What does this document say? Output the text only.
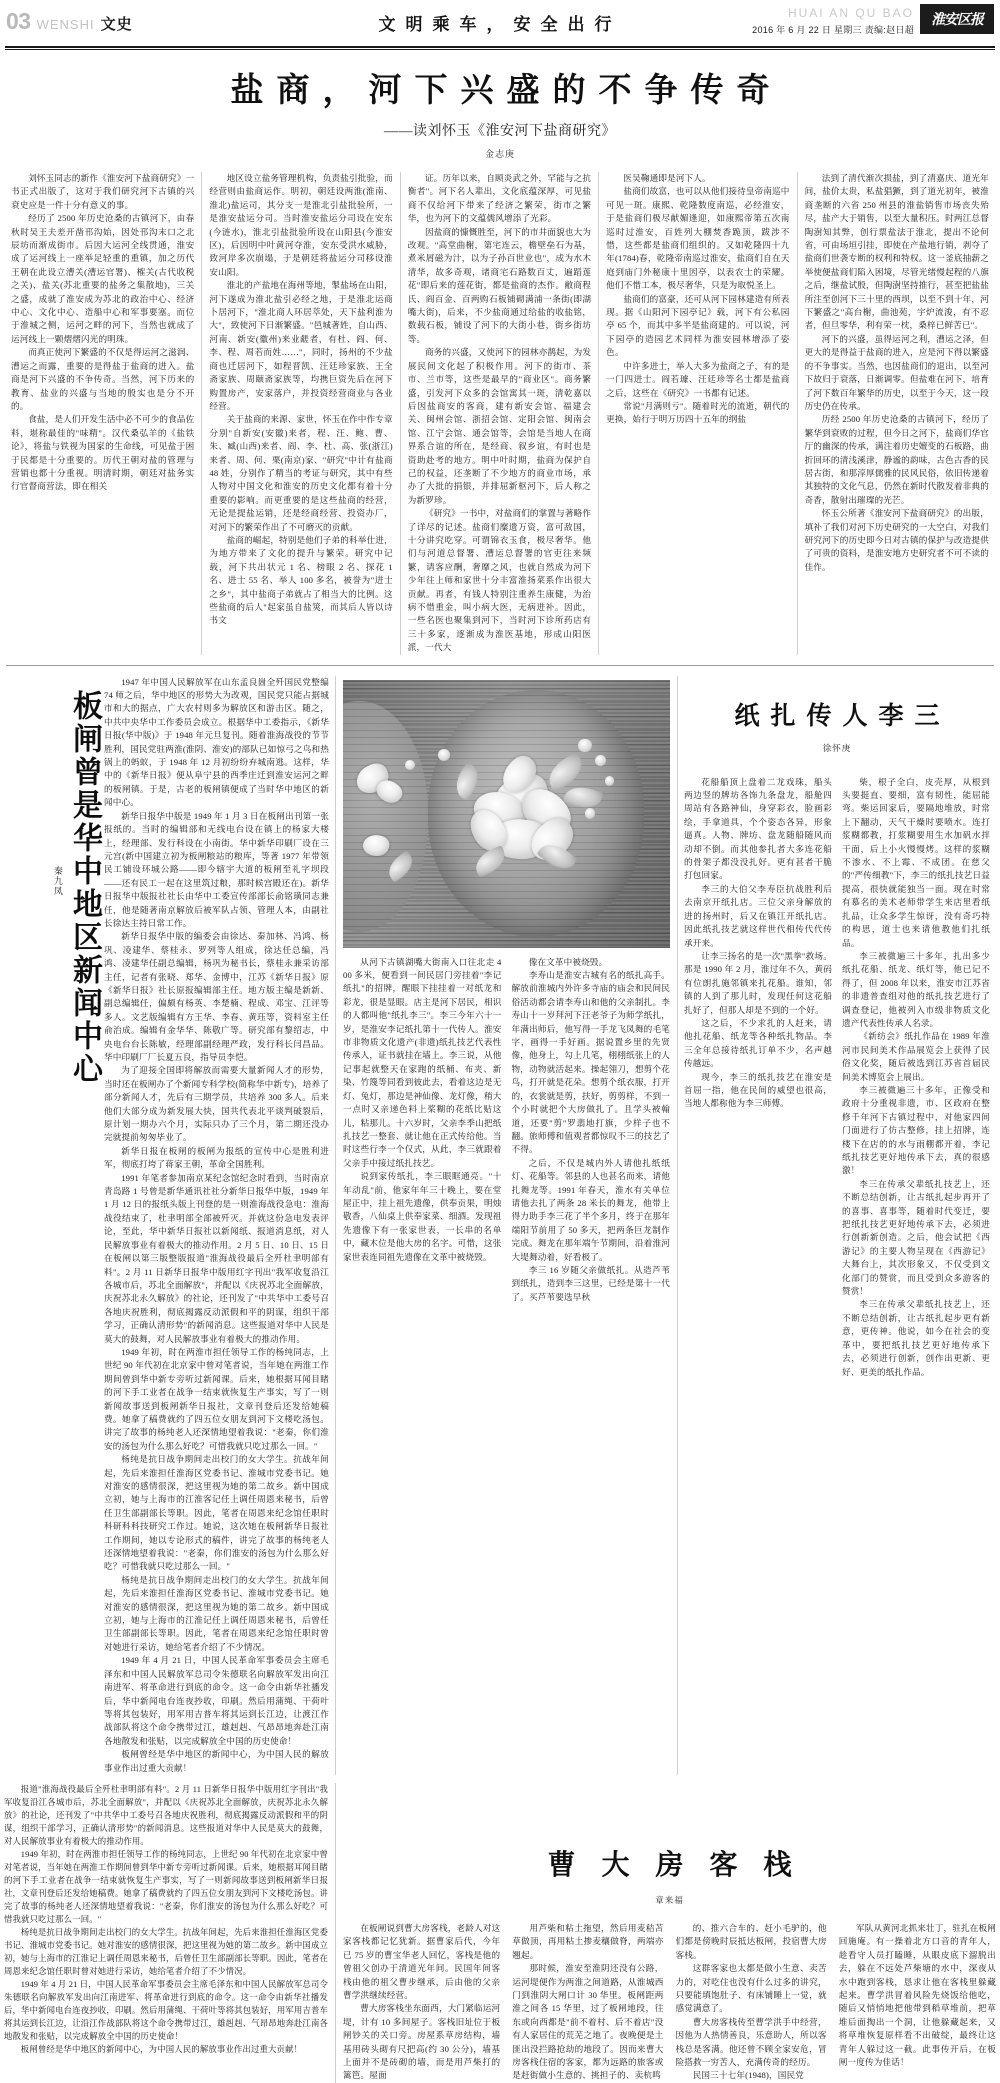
03 WENSHI 文史	文明乘车，安全出行
HUAI AN QU BAO
2016 年 6 月 22 日 星期三 责编:赵日超
淮安区报
盐商，河下兴盛的不争传奇
——读刘怀玉《淮安河下盐商研究》
金志庚

刘怀玉同志的新作《淮安河下盐商研究》一书正式出版了，这对于我们研究河下古镇的兴衰史应是一件十分有意义的事。

经历了 2500 年历史沧桑的古镇河下，由春秋时吴王夫差开凿邗沟始，因处邗沟末口之北辰坊而渐成街市。后因大运河全线贯通，淮安成了运河线上一座举足轻重的重镇，加之历代王朝在此设立漕关(漕运官署)、榷关(古代收税之关)、盐关(苏北重要的盐务之集散地)，三关之盛，成就了淮安成为苏北的政治中心、经济中心、文化中心、造船中心和军事要塞。而位于淮城之侧，运河之畔的河下，当然也就成了运河线上一颗熠熠闪光的明珠。

而真正使河下繁盛的不仅是得运河之滋润、漕运之而露，重要的是得盐于盐商的进入。盐商是河下兴盛的不争传奇。当然，河下历来的教育、盐业的兴盛与当地的殷实也是分不开的。

食盐，是人们开发生活中必不可少的食品佐料，堪称最佳的"味精"。汉代桑弘羊的《盐铁论》，将盐与铁视为国家的生命线，可见盐于困于民都是十分重要的。历代王朝对盐的管理与营销也都十分重视。明清时期，朝廷对盐务实行官督商营法，即在相关

地区设立盐务管理机构，负责盐引批验，而经营则由盐商运作。明初，朝廷设两淮(淮南、淮北)盐运司，其分支一是淮北引盐批验所，一是淮安盐运分司。当时淮安盐运分司设在安东(今涟水)，淮北引盐批验所设在山阳县(今淮安区)，后因明中叶黄河夺淮，安东受洪水威胁，致河岸多次崩塌，于是朝廷将盐运分司移设淮安山阳。

淮北的产盐地在海州等地，掣盐场在山阳，河下遂成为淮北盐引必经之地，于是淮北运商卜居河下，"淮北商人环居萃处，天下盐利淮为大"，致使河下日渐繁盛。"邑城著姓，自山西、河南、新安(徽州)来业鹾者，有杜、阎、何、李、程、周若而姓……"，同时，扬州的不少盐商也迁居河下，如程晋凯、汪廷珍家族、王全斋家族、周颐斋家族等，均携巨资先后在河下购置房产，安家落户，并投资经营商业与各业经营。

关于盐商的来源、家世，怀玉在作中作专章分别"自新安(安徽)来者，程、汪、鲍、曹、朱、臧(山西)来者、阎、李、杜、高、张(浙江)来者、周、何、栗(南京)家、"研究"中计有盐商 48 姓，分别作了精当的考证与研究，其中有些人物对中国文化和淮安的历史文化都有着十分重要的影响。而更重要的是这些盐商的经营，无论是提盐运销，还是经商经营、投资办厂，对河下的繁荣作出了不可磨灭的贡献。

盐商的崛起，特别是他们子弟的科举仕进，为地方带来了文化的提升与繁荣。研究中记载，河下共出状元 1 名、榜眼 2 名、探花 1 名、进士 55 名、举人 100 多名，被誉为"进士之乡"，其中盐商子弟就占了相当大的比例。这些盐商的后人"起家虽自盐筴，而其后人皆以诗书文

证。历年以来，自顾炎武之外，罕能与之抗衡者"。河下名人辈出，文化底蕴深厚，可见盐商不仅给河下带来了经济之繁荣，街市之繁华，也为河下的文蕴儒风增添了光彩。

因盐商的慷慨胜至，河下的市井面貌也大为改观。"高堂曲榭，第宅连云，檐壁垒石为基，煮米屑磁为汁，以为子孙百世业也"，成为水木清华，故多奇观，诸商宅石路数百丈，遍蹈莲花"即后来的莲花街，都是盐商的杰作。敝商程氏、阎百金、百两购石板铺砌满浦一条街(即湖嘴大街)，后来，不少盐商通过给盐的收盐铭，数载石板，铺设了河下的大街小巷，街乡街坊等。

商务的兴盛，又使河下的园林亦鹊起，为发展民间文化起了积极作用。河下的街市、茶市、兰市等，这些是最早的"商业区"。商务繁盛，引发河下众多的会馆寓其一斑，清乾嘉以后因盐商安的客商，建有新安会馆、福建会关、闽州会馆、浙招会馆、定阳会馆、闽南会馆、江宁会馆、通会馆等，会馆是当地人在商界系合谊的所在，是经商、叙乡谊，有时也是资助赴考的地方。明中叶时期，盐商为保护自己的权益，还垄断了不少地方的商业市场，承办了大批的捐银，并排屈新枢河下，后人称之为新罗珍。

《研究》一书中，对盐商们的掌置与著略作了详尽的记述。盐商们糜遗万资，富可敌国，十分讲究吃穿。可谓锦衣玉食，极尽奢华。他们与河道总督署、漕运总督署的官吏往来频繁，请客应酬，奢靡之风，也就自然成为河下少年往上师和家世十分丰富淮扬菜系作出很大贡献。再者，有钱人特别注重养生康健，为治病不惜重金，叫小病大医，无病进补。因此，一些名医也聚集到河下，当时河下诊所药店有三十多家，逐渐成为淮医基地，形成山阳医派，一代大

医吴鞠通即是河下人。

盐商们故富，也可以从他们接待皇帝南巡中可见一斑。康熙、乾隆数度南巡，必经淮安，于是盐商们极尽献媚逢迎，如康熙帝第五次南巡时过淮安，百姓列大棚焚香跪顶，跋涉不惜，这些都是盐商们组织的。又如乾隆四十九年(1784)春，乾隆帝南巡过淮安，盐商们自在天庭到庙门外秘康十里因亭，以表农士的荣耀。他们不惜工本，极尽奢华，只是为取悦圣上。

盐商们的富豪，还可从河下园林建造有所表现。据《山阳河下园亭记》载，河下有公私园亭 65 个，而其中多半是盐商建的。可以说，河下园亭的造园艺术同样为淮安园林增添了姿色。

中许多进士，举人大多为盐商之子，有的是一门四进士。阎若璩、汪廷珍等名士都是盐商之后，这些在《研究》一书都有记述。

常说"月满则亏"。随着时光的流逝，朝代的更换，始行于明万历四十五年的纲盐

法到了清代渐次损盐，到了清嘉庆、道光年间，盐价太贵，私盐猖獗，到了道光初年，被淮商垄断的六省 250 州县的淮盐销售市场丧失殆尽，盐产大于销售，以至大量积压。时两江总督陶澍知其弊，创行票盐法于淮北，提出不论何省，可由场垣引挂，即使在产盐地行销，剥夺了盐商们世袭专断的权利和特权。这一釜底抽薪之举使便盐商们陷入困境，尽管光绪慢起程的八旗之后，继盐试殷，但陶澍坚持推行，甚至把盐盐所注至创河下三十里的西坝，以至不到十年，河下繁盛之"高台榭，曲池苑，宇炉流浚，有不忍者，但旦零华，利有荣一枕，桑梓已鲜苦已"。

河下的兴盛，虽得运河之利，漕运之泽，但更大的是得益于盐商的进入，应是河下得以繁盛的不争事实。当然，也因盐商们的退出，以至河下故归于衰落，日渐调零。但盐难在河下，培育了河下数百年繁华的历史，以至于今天，这一段历史仍在传承。

历经 2500 年历史沧桑的古镇河下，经历了繁华到衰败的过程，但今日之河下，盐商们华官厅的幽深的传承，满注着历史嬗变的石板路，曲折回环的清浅溪津，静谧的韵味，古色古香的民居古街，和那淳厚儒雅的民风民俗，依旧传递着其独特的文化气息，仍然在新时代散发着非典的奇香，散射出璀璨的光芒。

怀玉公所著《淮安河下盐商研究》的出版，填补了我们对河下历史研究的一大空白，对我们研究河下的历史即今日对古镇的保护与改造提供了可贵的资料，是淮安地方史研究者不可不读的佳作。

板闸曾是华中地区新闻中心
秦九凤

1947 年中国人民解放军在山东孟良崮全歼国民党整编 74 师之后，华中地区的形势大为改观，国民党只能占据城市和大的据点，广大农村则多为解放区和游击区。随之，中共中央华中工作委员会成立。根据华中工委指示，《新华日报(华中版)》于 1948 年元旦复刊。随着淮海战役的节节胜利，国民党驻两淮(淮阴、淮安)的部队已如惊弓之鸟和热锅上的蚂蚁，于 1948 年 12 月初纷纷弃城南逃。这样，华中的《新华日报》便从阜宁县的西季庄迁到淮安运河之畔的板闸镇。于是，古老的板闸镇便成了当时华中地区的新闻中心。

新华日报华中版是 1949 年 1 月 3 日在板闸出刊第一张报纸的。当时的编辑部和无线电台设在镇上的杨家大楼上，经理部、发行科设在小南街。华中新华印刷厂设在三元宫(新中国建立初为板闸粮站的粮库，等著 1977 年带领民工铺设环城公路——即今辖宇大道的板闸至礼字坝段——还有民工一起在这里筑过粮，那时候宫殿还在)。新华日报华中版报社社长由华中工委宣传部部长俞铭璜同志兼任，他是随著南京解放后被军队占领、管理人本，由副社长徐达主持日常工作。

新华日报华中版的编委会由徐达、秦加林、冯鸿、杨巩、凌建华、蔡桂永、罗列等人组成，徐达任总编，冯鸿、凌建华任副总编辑，杨巩为秘书长，蔡桂永兼采访部主任，记者有张晓、郑华、金博中，江苏《新华日报》原《新华日报》社长原报编辑部主任。地方版主编是新新、副总编辑任，偏颇有杨英、李楚楠、程成、邓宝、江评等多人。文艺版编辑有方王华、李春、黄珏等，资料室主任俞治成。编辑有金华华、陈敬广等。研究部有黎绍志，中央电台台长陈敏，经理部副经理严政，发行科长闫昌品。华中印刷厂厂长夏五良，指导员李恺。

为了迎接全国即将解放而需要大量新闻人才的形势，当时还在板闸办了个新闻专科学校(简称华中新专)，培养了部分新闻人才，先后有三期学员，共培养 300 多人。后来他们大部分成为新发展大快，国共代表北平谈判破裂后，原计划一期办六个月，实际只办了三个月，第二期还没办完就提前匆匆毕业了。

新华日报在板闸的板闸为报纸的宣传中心是胜利进军，彻底打垮了蒋家王朝，革命全国胜利。

1991 年笔者参加南京某纪念馆纪念时看到，当时南京青岛路 1 号曾是新华通讯社社分新华日报华中版，1949 年 1 月 12 日的报纸头版上刊登的是一则淮海战役急电：淮海战役结束了，杜聿明部全部被歼灭。并就这份急电发表评论，至此，华中新华日报社以新闻纸、报道消息纸，对人民解放事业有着极大的推动作用。2 月 5 日、10 日、15 日在板闸以第三版整版报道"淮海战役最后全歼杜聿明部有料"。2 月 11 日新华日报华中版用红字刊出"我军收复沿江各城市后，苏北全面解放"，并配以《庆祝苏北全面解放，庆祝苏北永久解放》的社论，还刊发了"中共华中工委号召各地庆祝胜利，彻底揭露反动派假和平的阴谋，组织干部学习，正确认清形势"的新闻消息。这些报道对华中人民是莫大的鼓舞，对人民解放事业有着极大的推动作用。

1949 年初，时在两淮市担任领导工作的杨纯同志，上世纪 90 年代初在北京家中曾对笔者说，当年她在两淮工作期间曾到华中新专旁听过新闻课。后来，她根据耳闻目睹的河下手工业者在战争一结束就恢复生产事实，写了一则新闻故事送到板闸新华日报社，文章刊登后还发给她稿费。她拿了稿费就约了四五位女朋友到河下文楼吃汤包。讲完了故事的杨纯老人还深情地望着我说："老秦，你们淮安的汤包为什么那么好吃？可惜我就只吃过那么一回。"

杨纯是抗日战争期间走出校门的女大学生。抗战年间起，先后来淮担任淮海区党委书记、淮城市党委书记。她对淮安的感情很深，把这里视为她的第二故乡。新中国成立初，她与上海市的江淮客记任上调任周恩来秘书，后曾任卫生部副部长等职。因此，笔者在周恩来纪念馆任职时科研科科技研究工作过。她说，这次她在板闸新华日报社工作期间，她以专论形式的稿件，讲完了故事的杨纯老人还深情地望着我说："老秦，你们淮安的汤包为什么那么好吃？可惜我就只吃过那么一回。"

杨纯是抗日战争期间走出校门的女大学生。抗战年间起，先后来淮担任淮海区党委书记、淮城市党委书记。她对淮安的感情很深，把这里视为她的第二故乡。新中国成立初，她与上海市的江淮记任上调任周恩来秘书，后曾任卫生部副部长等职。因此，笔者在周恩来纪念馆任职时曾对她进行采访，她给笔者介绍了不少情况。

1949 年 4 月 21 日，中国人民革命军事委员会主席毛泽东和中国人民解放军总司令朱德联名向解放军发出向江南进军、将革命进行到底的命令。这一命令由新华社播发后，华中新闻电台连夜抄收，印刷。然后用蒲绳、干荷叶等将其包装好，用军用吉普车将其运到长江边，让渡江作战部队将这个命令携带过江，雄赳赳、气昂昂地奔赴江南各地散发和张贴，以完成解放全中国的历史使命！

板闸曾经是华中地区的新闻中心，为中国人民的解放事业作出过重大贡献！

从河下古镇湖嘴大街南入口往北走 400 多米，便看到一间民居门旁挂着"李记纸扎"的招牌，醒眼下挂挂着一对纸龙和彩龙，很是显眼。店主是河下居民，相识的人都叫他"纸扎李三"。李三今年六十一岁，是淮安李记纸扎第十一代传人。淮安市非物质文化遗产(非遗)纸扎技艺代表性传承人，证书就挂在墙上。李三说，从他记事起就整天在家跑的纸桶、布夹、新染、竹篾等同看到彼此去，看着这边是无灯、兔灯，那边是神仙像、龙灯像，稍大一点时又亲递色料上桨糊的花纸比贴这儿，粘那儿。十六岁时，父亲李季山把纸扎技艺一整套、就让他在正式传给他。当时这些行李一个仅式，从此，李三就跟着父亲手中接过纸扎技艺。

说到家传纸扎，李三眼眶通亮。"十年动乱"前，他家年年三十晚上，要在堂屋正中，挂上祖先遗像，供奉贡果，明烛敬香，八仙桌上供奉家菜、细酒。发现祖先遗像下有一张家世表，一长串的名单中，藏木位是他大房的名字。可惜，这张家世表连同祖先遗像在文革中被烧毁。

像在文革中被烧毁。

李寿山是淮安古城有名的纸扎高手。解放前淮城内外许多寺庙的庙会和民间民俗活动都会请李寿山和他的父亲制扎。李寿山十一岁拜河下汪老爷子为师学纸扎，年满出师后，他写得一手龙飞凤舞的毛笔字，画得一手好画。据说置乡里的先贤像，他身上，勾上几笔，栩栩纸张上的人物，动物就活起来。操起翎刀，想剪个花鸟，打开就是花朵。想剪个纸衣服，打开的，衣裳就是剪，扶好，剪剪样，不到一个小时就把个大房做扎了。且学头被翰道，还要"剪"罗翡地打旗，少样子也不翻。旅师傅和值观者都惊叹不三的技艺了不得。

之后，不仅是城内外人请他扎纸纸灯、花船等。邻县的人也甚名而来，请他扎舞龙等。1991 年春天，淮水有关单位请他去扎了两条 28 米长的舞龙，他带上得力助手李三花了半个多月，终于在那年端阳节前用了 50 多天，把两条巨龙制作完成。舞龙在那年端午节期间，沿着淮河大堤舞动着，好看极了。

李三 16 岁随父亲做纸扎。从造芦苇到纸扎，造到李三这里，已经是第十一代了。买芦苇要选早秋

纸扎传人李三
徐怀庚

花船船顶上盘着二龙戏珠，船头两边竖的牌坊各饰九条盘龙，船舱四周站有各路神仙，身穿彩衣，脸画彩绘，手拿道具，个个姿态各异，形象逼真。人物、牌坊、盘龙随船随风而动却不倒。而其他参扎者大多连花船的骨架子都没没扎好。更有甚者干脆打包回家。

李三的大伯父李寿臣抗战胜利后去南京开纸扎店。三位父亲身解放的进的扬州时，后又在镇江开纸扎店。因此纸扎技艺就这样世代相传代代传承开来。

让李三扬名的是一次"黑拳"救场。那是 1990 年 2 月，淮过年不久，黄码有位朗扎施邻镇来扎花船。谁知，邻镇的人到了那儿时，发现任何这花船扎好了，但那人却是不到的一个好。

这之后，不少求扎的人赶来，请他扎花船、纸龙等各种纸扎物品。李三全年总接待纸扎订单不少，名声越传越远。

现今，李三的纸扎技艺在淮安是首屈一指，他在民间的威望也很高，当地人都称他为李三师傅。

柴，根子全白，皮壳厚，从根到头要挺直、要细，富有韧性，能屈能弯。柴运回家后，要隔地堆放，时常上下翻动，天气干燥时要喷水。连打浆糊都教，打浆糊要用生水加矾水拌干面，后上小火慢慢烤。这样的浆糊不渗水、不上霉、不成团。在慈父的"严传细教"下，李三的纸扎技艺日益提高，很快就能独当一面。现在时常有慕名的美术老师带学生来店里看纸扎品，让众多学生惊讶，没有奇巧特的构思，道士也来请他教他们扎纸品。

李三被微遍三十多年，扎出多少纸扎花船、纸龙、纸灯等，他已记不得了，但 2008 年以来，淮安市江苏省的非遗普查组对他的纸扎技艺进行了调查登记，他被列入市级非物质文化遗产代表性传承人名录。

《新纺会》纸扎作品在 1989 年淮河市民间美术作品展览会上获得了民俗文化奖，随后被选到江苏省首届民间美术博览会上展出。

李三被微遍三十多年，正像受和政府十分重视非遗，市、区政府在整修千年河下古镇过程中，对他家四间门面进行了仿古整修，挂上招牌，连楼下在店的的水与雨棚都开着，李记纸扎技艺更好地传承下去，真的很感激！

李三在传承父辈纸扎技艺上，还不断总结创新，让古纸扎起步再开了的喜事、喜事等，随着时代变迁，要把纸扎技艺更好地传承下去，必须进行创新新创造。之后，他会试把《西游记》的主要人物呈现在《西游记》大舞台上，其次形象又，不仅受到文化部门的赞赏，而且受到众多游客的赞赏！

李三在传承父辈纸扎技艺上，还不断总结创新，让古纸扎起步更有新意，更传神。他说，如今在社会的变革中，要把纸扎技艺更好地传承下去，必须进行创新，创作出更新、更好、更美的纸扎作品。

报道"淮海战役最后全歼杜聿明部有料"。2 月 11 日新华日报华中版用红字刊出"我军收复沿江各城市后，苏北全面解放"，并配以《庆祝苏北全面解放，庆祝苏北永久解放》的社论，还刊发了"中共华中工委号召各地庆祝胜利，彻底揭露反动派假和平的阴谋，组织干部学习，正确认清形势"的新闻消息。这些报道对华中人民是莫大的鼓舞，对人民解放事业有着极大的推动作用。

1949 年初，时在两淮市担任领导工作的杨纯同志，上世纪 90 年代初在北京家中曾对笔者说，当年她在两淮工作期间曾到华中新专旁听过新闻课。后来，她根据耳闻目睹的河下手工业者在战争一结束就恢复生产事实，写了一则新闻故事送到板闸新华日报社，文章刊登后还发给她稿费。她拿了稿费就约了四五位女朋友到河下文楼吃汤包。讲完了故事的杨纯老人还深情地望着我说："老秦，你们淮安的汤包为什么那么好吃？可惜我就只吃过那么一回。"

杨纯是抗日战争期间走出校门的女大学生。抗战年间起，先后来淮担任淮海区党委书记、淮城市党委书记。她对淮安的感情很深，把这里视为她的第二故乡。新中国成立初，她与上海市的江淮记上调任周恩来秘书，后曾任卫生部副部长等职。因此，笔者在周恩来纪念馆任职时曾对她进行采访，她给笔者介绍了不少情况。

1949 年 4 月 21 日，中国人民革命军事委员会主席毛泽东和中国人民解放军总司令朱德联名向解放军发出向江南进军、将革命进行到底的命令。这一命令由新华社播发后，华中新闻电台连夜抄收，印刷。然后用蒲绳、干荷叶等将其包装好，用军用吉普车将其运到长江边，让沿江作战部队将这个命令携带过江，雄赳赳、气昂昂地奔赴江南各地散发和张贴，以完成解放全中国的历史使命！

板闸曾经是华中地区的新闻中心，为中国人民的解放事业作出过重大贡献！

曹大房客栈
章来福

在板闸说到曹大房客栈，老龄人对这家客栈都记忆犹新。据曹家后代，今年已 75 岁的曹宝华老人回忆，客栈是他的曾祖父创办于清道光年间。民国年间客栈由他的祖父曹步继承，后由他的父亲曹学洪继续经营。

曹大房客栈坐东面西，大门紧临运河堤，计有 10 多间屋子。客栈旧址位于板闸钞关的关口旁。房屋系草房结构，墙基用砖头砌有尺把高(约 30 公分)，墙基上面并不是砖砌的墙，而是用芦柴打的篱笆。屋面

用芦柴和粘土拖望，然后用麦秸苫草做顶，再用粘土掺麦穰做脊，两端亦翘起。

那时候，淮安至淮阴还没有公路，运河堤便作为两淮之间道路，从淮城西门到淮阴大闸口计 30 华里。板闸距两淮之间各 15 华里，过了板闸地段，往东或向西都是"前不着村、后不着店"没有人家居住的荒芜之地了。夜晚便是土匪出没拦路抢劫的地段了。因而来曹大房客栈住宿的客家，都为远路的旅客或是赶街做小生意的、挑担子的、卖杭鸣

的、推六合车的、赶小毛驴的，他们都是傍晚时辰抵达板闸，投宿曹大房客栈。

这群客家也太都是做小生意、卖苦力的，对吃住也没有什么过多的讲究，只要能填饱肚子、有床铺睡上一觉，就感觉满意了。

曹大房客栈传至曹学洪手中经营，因他为人热情善良，乐意助人，所以客栈总是客满。他还曾不顾全家安危，冒险搭救一穷苦人，充满传奇的经历。

民国三十七年(1948)，国民党

军队从黄河北抓来壮丁，驻扎在板闸回施庵。有一操着北方口音的青年人，趁看守人员打瞌睡，从眼皮底下溜脱出去，躲在不远处芦柴塘的水中，深夜从水中跑到客栈，恳求让他在客栈里躲藏起来。曹学洪冒着风险先烧饭给他吃，随后又悄悄地把他带到稻草堆前，把草堆后面掏出一个洞，让他躲藏起来，又将草堆恢复原样看不出破绽，最终让这青年人躲过这一截。此事传开后，在板闸一度传为佳话！
